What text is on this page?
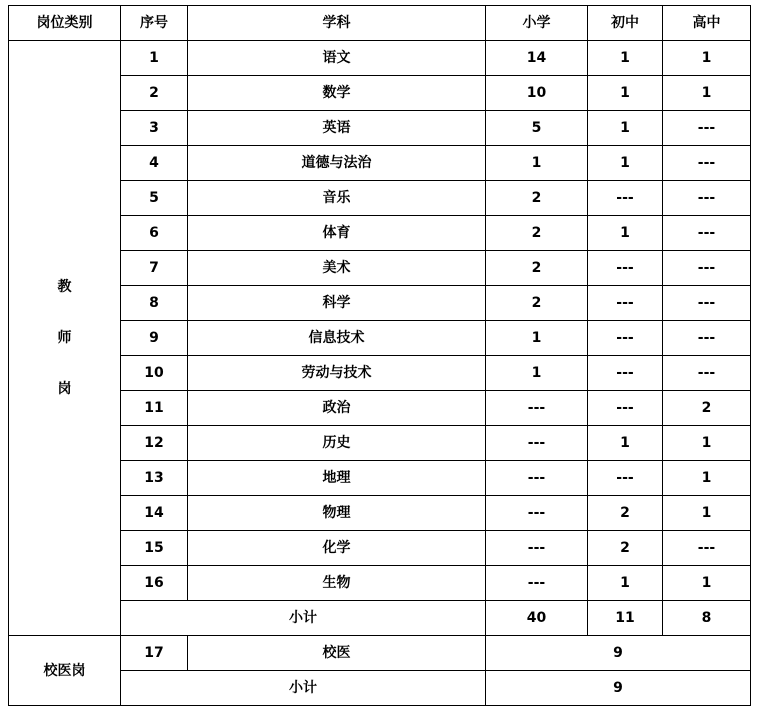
岗位类别	序号	学科	小学	初中	高中

教
师
岗	1	语文	14	1	1
	2	数学	10	1	1
	3	英语	5	1	---
	4	道德与法治	1	1	---
	5	音乐	2	---	---
	6	体育	2	1	---
	7	美术	2	---	---
	8	科学	2	---	---
	9	信息技术	1	---	---
	10	劳动与技术	1	---	---
	11	政治	---	---	2
	12	历史	---	1	1
	13	地理	---	---	1
	14	物理	---	2	1
	15	化学	---	2	---
	16	生物	---	1	1
	小计		40	11	8
校医岗	17	校医	9		
	小计		9		
